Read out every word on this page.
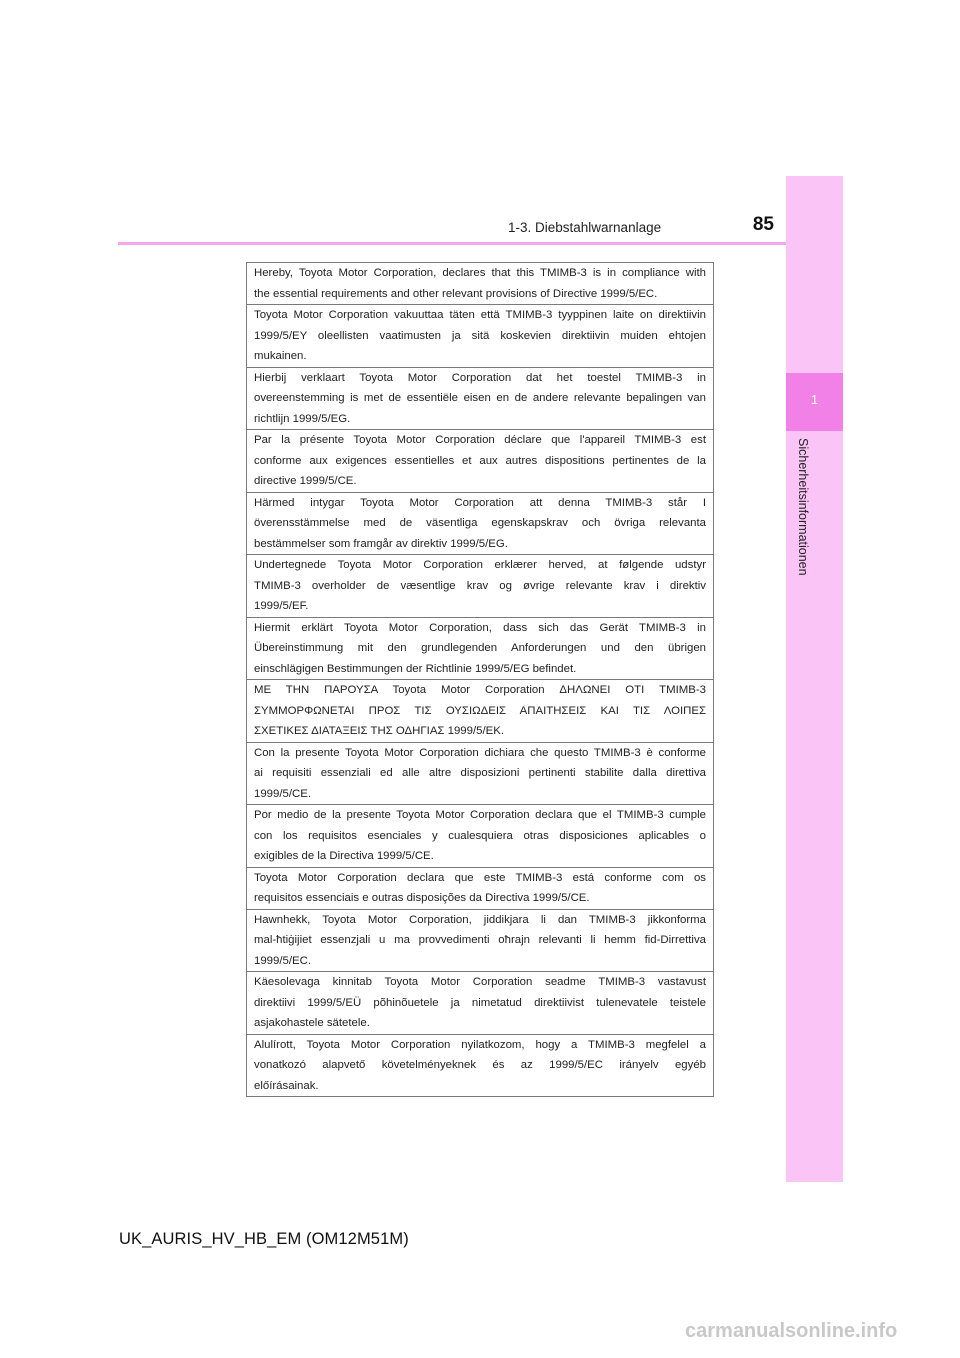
1-3. Diebstahlwarnanlage	85
1
Sicherheitsinformationen
Hereby, Toyota Motor Corporation, declares that this TMIMB-3 is in compliance with
the essential requirements and other relevant provisions of Directive 1999/5/EC.

Toyota Motor Corporation vakuuttaa täten että TMIMB-3 tyyppinen laite on direktiivin
1999/5/EY oleellisten vaatimusten ja sitä koskevien direktiivin muiden ehtojen
mukainen.

Hierbij verklaart Toyota Motor Corporation dat het toestel TMIMB-3 in
overeenstemming is met de essentiële eisen en de andere relevante bepalingen van
richtlijn 1999/5/EG.

Par la présente Toyota Motor Corporation déclare que l'appareil TMIMB-3 est
conforme aux exigences essentielles et aux autres dispositions pertinentes de la
directive 1999/5/CE.

Härmed intygar Toyota Motor Corporation att denna TMIMB-3 står I
överensstämmelse med de väsentliga egenskapskrav och övriga relevanta
bestämmelser som framgår av direktiv 1999/5/EG.

Undertegnede Toyota Motor Corporation erklærer herved, at følgende udstyr
TMIMB-3 overholder de væsentlige krav og øvrige relevante krav i direktiv
1999/5/EF.

Hiermit erklärt Toyota Motor Corporation, dass sich das Gerät TMIMB-3 in
Übereinstimmung mit den grundlegenden Anforderungen und den übrigen
einschlägigen Bestimmungen der Richtlinie 1999/5/EG befindet.

ΜΕ ΤΗΝ ΠΑΡΟΥΣΑ Toyota Motor Corporation ΔΗΛΩΝΕΙ ΟΤΙ TMIMB-3
ΣΥΜΜΟΡΦΩΝΕΤΑΙ ΠΡΟΣ ΤΙΣ ΟΥΣΙΩΔΕΙΣ ΑΠΑΙΤΗΣΕΙΣ ΚΑΙ ΤΙΣ ΛΟΙΠΕΣ
ΣΧΕΤΙΚΕΣ ΔΙΑΤΑΞΕΙΣ ΤΗΣ ΟΔΗΓΙΑΣ 1999/5/ΕΚ.

Con la presente Toyota Motor Corporation dichiara che questo TMIMB-3 è conforme
ai requisiti essenziali ed alle altre disposizioni pertinenti stabilite dalla direttiva
1999/5/CE.

Por medio de la presente Toyota Motor Corporation declara que el TMIMB-3 cumple
con los requisitos esenciales y cualesquiera otras disposiciones aplicables o
exigibles de la Directiva 1999/5/CE.

Toyota Motor Corporation declara que este TMIMB-3 está conforme com os
requisitos essenciais e outras disposições da Directiva 1999/5/CE.

Hawnhekk, Toyota Motor Corporation, jiddikjara li dan TMIMB-3 jikkonforma
mal-ħtiġijiet essenzjali u ma provvedimenti oħrajn relevanti li hemm fid-Dirrettiva
1999/5/EC.

Käesolevaga kinnitab Toyota Motor Corporation seadme TMIMB-3 vastavust
direktiivi 1999/5/EÜ põhinõuetele ja nimetatud direktiivist tulenevatele teistele
asjakohastele sätetele.

Alulírott, Toyota Motor Corporation nyilatkozom, hogy a TMIMB-3 megfelel a
vonatkozó alapvető követelményeknek és az 1999/5/EC irányelv egyéb
előírásainak.
UK_AURIS_HV_HB_EM (OM12M51M)
carmanualsonline.info
